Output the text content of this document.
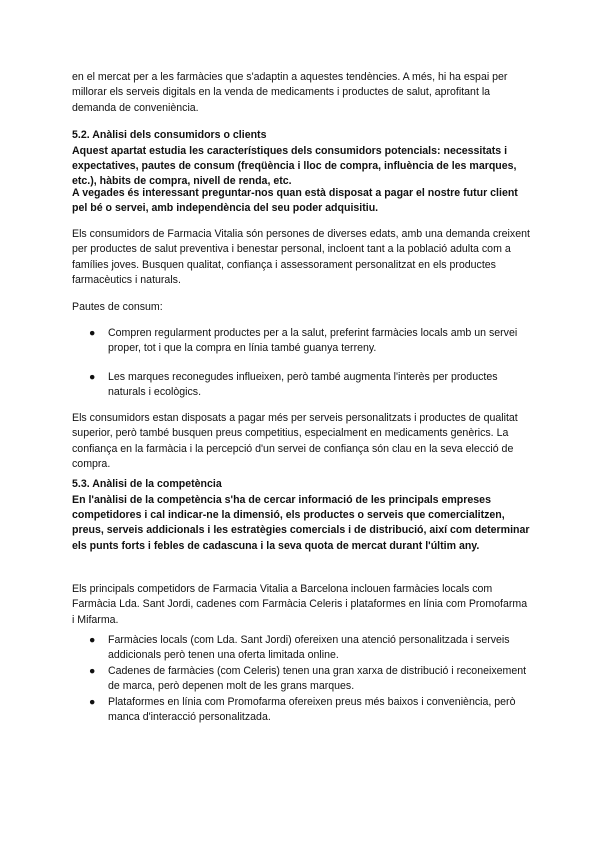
en el mercat per a les farmàcies que s'adaptin a aquestes tendències. A més, hi ha espai per millorar els serveis digitals en la venda de medicaments i productes de salut, aprofitant la demanda de conveniència.

5.2. Anàlisi dels consumidors o clients

Aquest apartat estudia les característiques dels consumidors potencials: necessitats i expectatives, pautes de consum (freqüència i lloc de compra, influència de les marques, etc.), hàbits de compra, nivell de renda, etc.

A vegades és interessant preguntar-nos quan està disposat a pagar el nostre futur client pel bé o servei, amb independència del seu poder adquisitiu.

Els consumidors de Farmacia Vitalia són persones de diverses edats, amb una demanda creixent per productes de salut preventiva i benestar personal, incloent tant a la població adulta com a famílies joves. Busquen qualitat, confiança i assessorament personalitzat en els productes farmacèutics i naturals.

Pautes de consum:

● Compren regularment productes per a la salut, preferint farmàcies locals amb un servei proper, tot i que la compra en línia també guanya terreny.
● Les marques reconegudes influeixen, però també augmenta l'interès per productes naturals i ecològics.

Els consumidors estan disposats a pagar més per serveis personalitzats i productes de qualitat superior, però també busquen preus competitius, especialment en medicaments genèrics. La confiança en la farmàcia i la percepció d'un servei de confiança són clau en la seva elecció de compra.

5.3. Anàlisi de la competència

En l'anàlisi de la competència s'ha de cercar informació de les principals empreses competidores i cal indicar-ne la dimensió, els productes o serveis que comercialitzen, preus, serveis addicionals i les estratègies comercials i de distribució, així com determinar els punts forts i febles de cadascuna i la seva quota de mercat durant l'últim any.

Els principals competidors de Farmacia Vitalia a Barcelona inclouen farmàcies locals com Farmàcia Lda. Sant Jordi, cadenes com Farmàcia Celeris i plataformes en línia com Promofarma i Mifarma.

● Farmàcies locals (com Lda. Sant Jordi) ofereixen una atenció personalitzada i serveis addicionals però tenen una oferta limitada online.
● Cadenes de farmàcies (com Celeris) tenen una gran xarxa de distribució i reconeixement de marca, però depenen molt de les grans marques.
● Plataformes en línia com Promofarma ofereixen preus més baixos i conveniència, però manca d'interacció personalitzada.
